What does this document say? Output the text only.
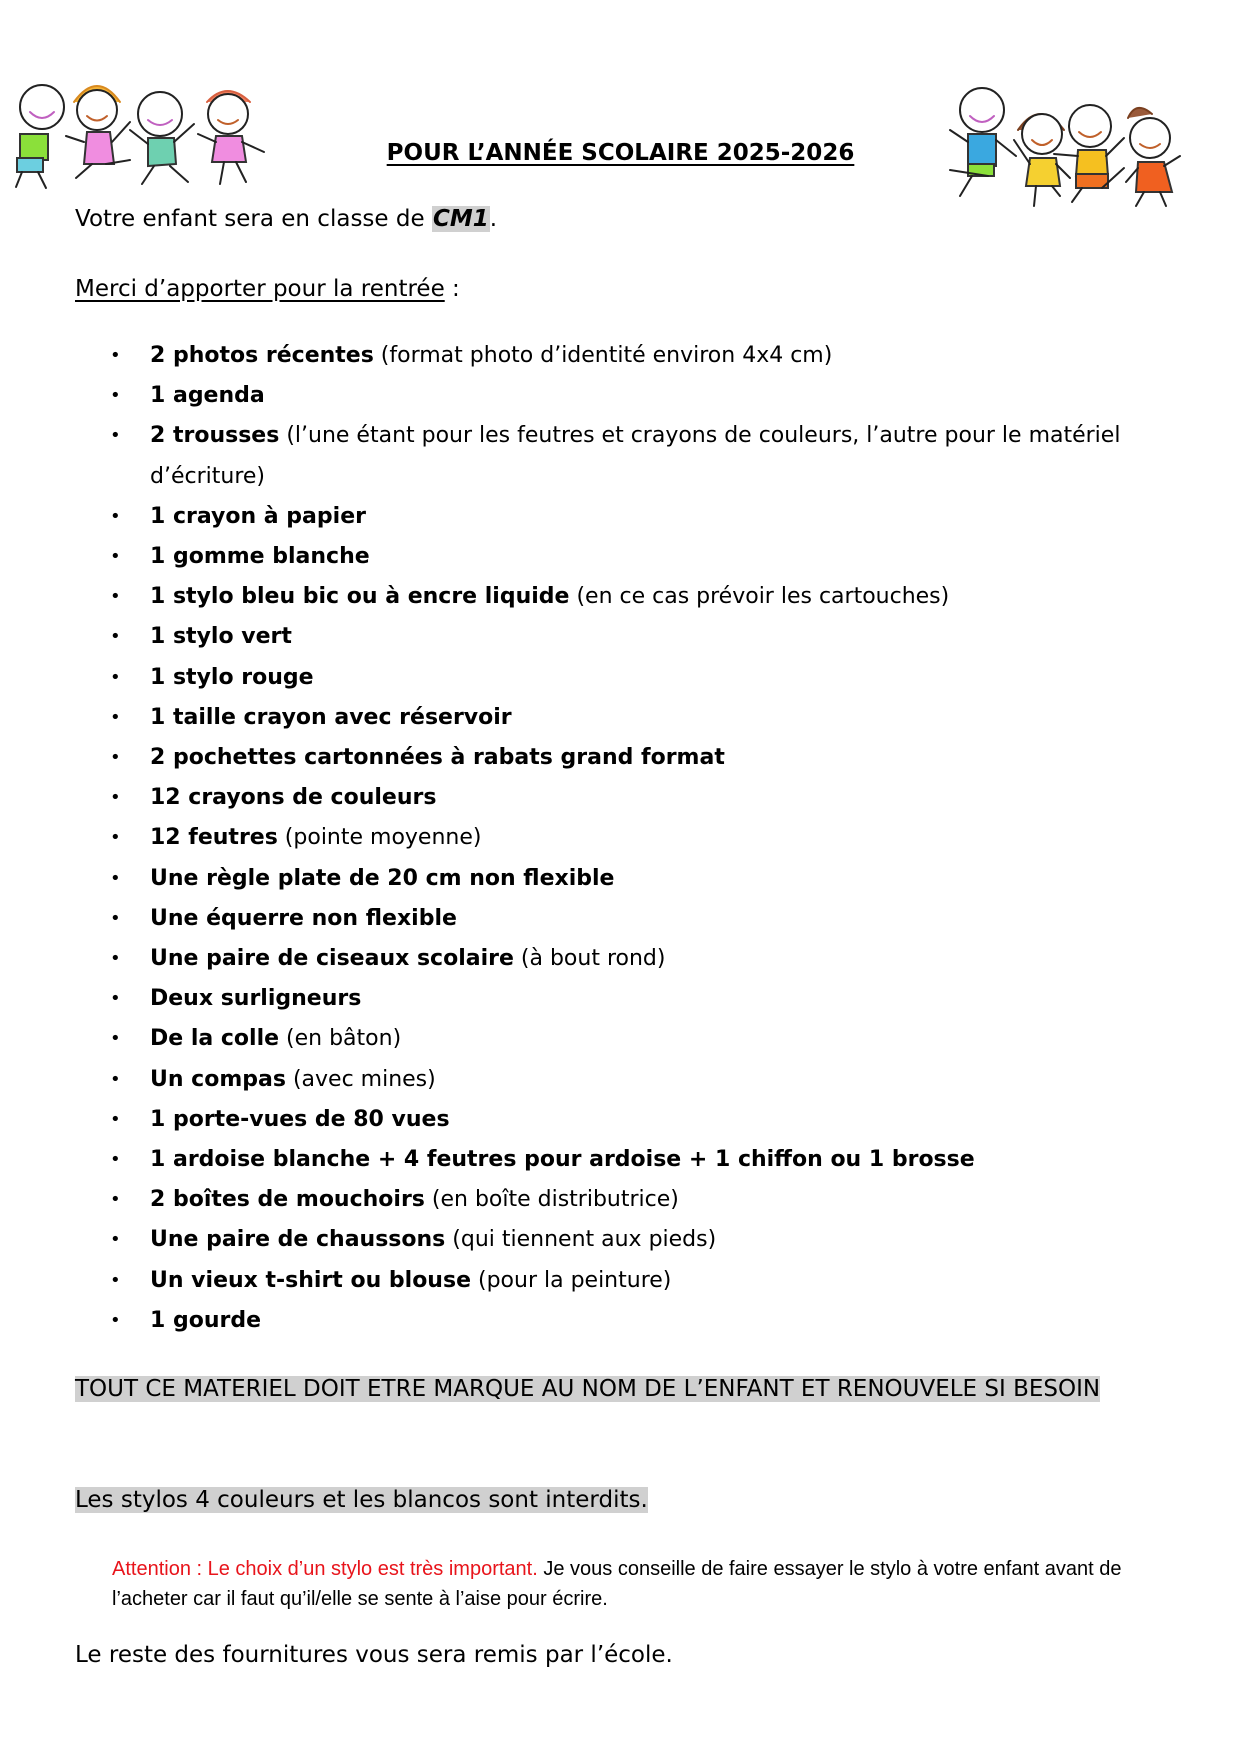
POUR L’ANNÉE SCOLAIRE 2025-2026
Votre enfant sera en classe de CM1.
Merci d’apporter pour la rentrée :
• 2 photos récentes (format photo d’identité environ 4x4 cm)
• 1 agenda
• 2 trousses (l’une étant pour les feutres et crayons de couleurs, l’autre pour le matériel d’écriture)
• 1 crayon à papier
• 1 gomme blanche
• 1 stylo bleu bic ou à encre liquide (en ce cas prévoir les cartouches)
• 1 stylo vert
• 1 stylo rouge
• 1 taille crayon avec réservoir
• 2 pochettes cartonnées à rabats grand format
• 12 crayons de couleurs
• 12 feutres (pointe moyenne)
• Une règle plate de 20 cm non flexible
• Une équerre non flexible
• Une paire de ciseaux scolaire (à bout rond)
• Deux surligneurs
• De la colle (en bâton)
• Un compas (avec mines)
• 1 porte-vues de 80 vues
• 1 ardoise blanche + 4 feutres pour ardoise + 1 chiffon ou 1 brosse
• 2 boîtes de mouchoirs (en boîte distributrice)
• Une paire de chaussons (qui tiennent aux pieds)
• Un vieux t-shirt ou blouse (pour la peinture)
• 1 gourde
TOUT CE MATERIEL DOIT ETRE MARQUE AU NOM DE L’ENFANT ET RENOUVELE SI BESOIN
Les stylos 4 couleurs et les blancos sont interdits.
Attention : Le choix d’un stylo est très important. Je vous conseille de faire essayer le stylo à votre enfant avant de l’acheter car il faut qu’il/elle se sente à l’aise pour écrire.
Le reste des fournitures vous sera remis par l’école.
